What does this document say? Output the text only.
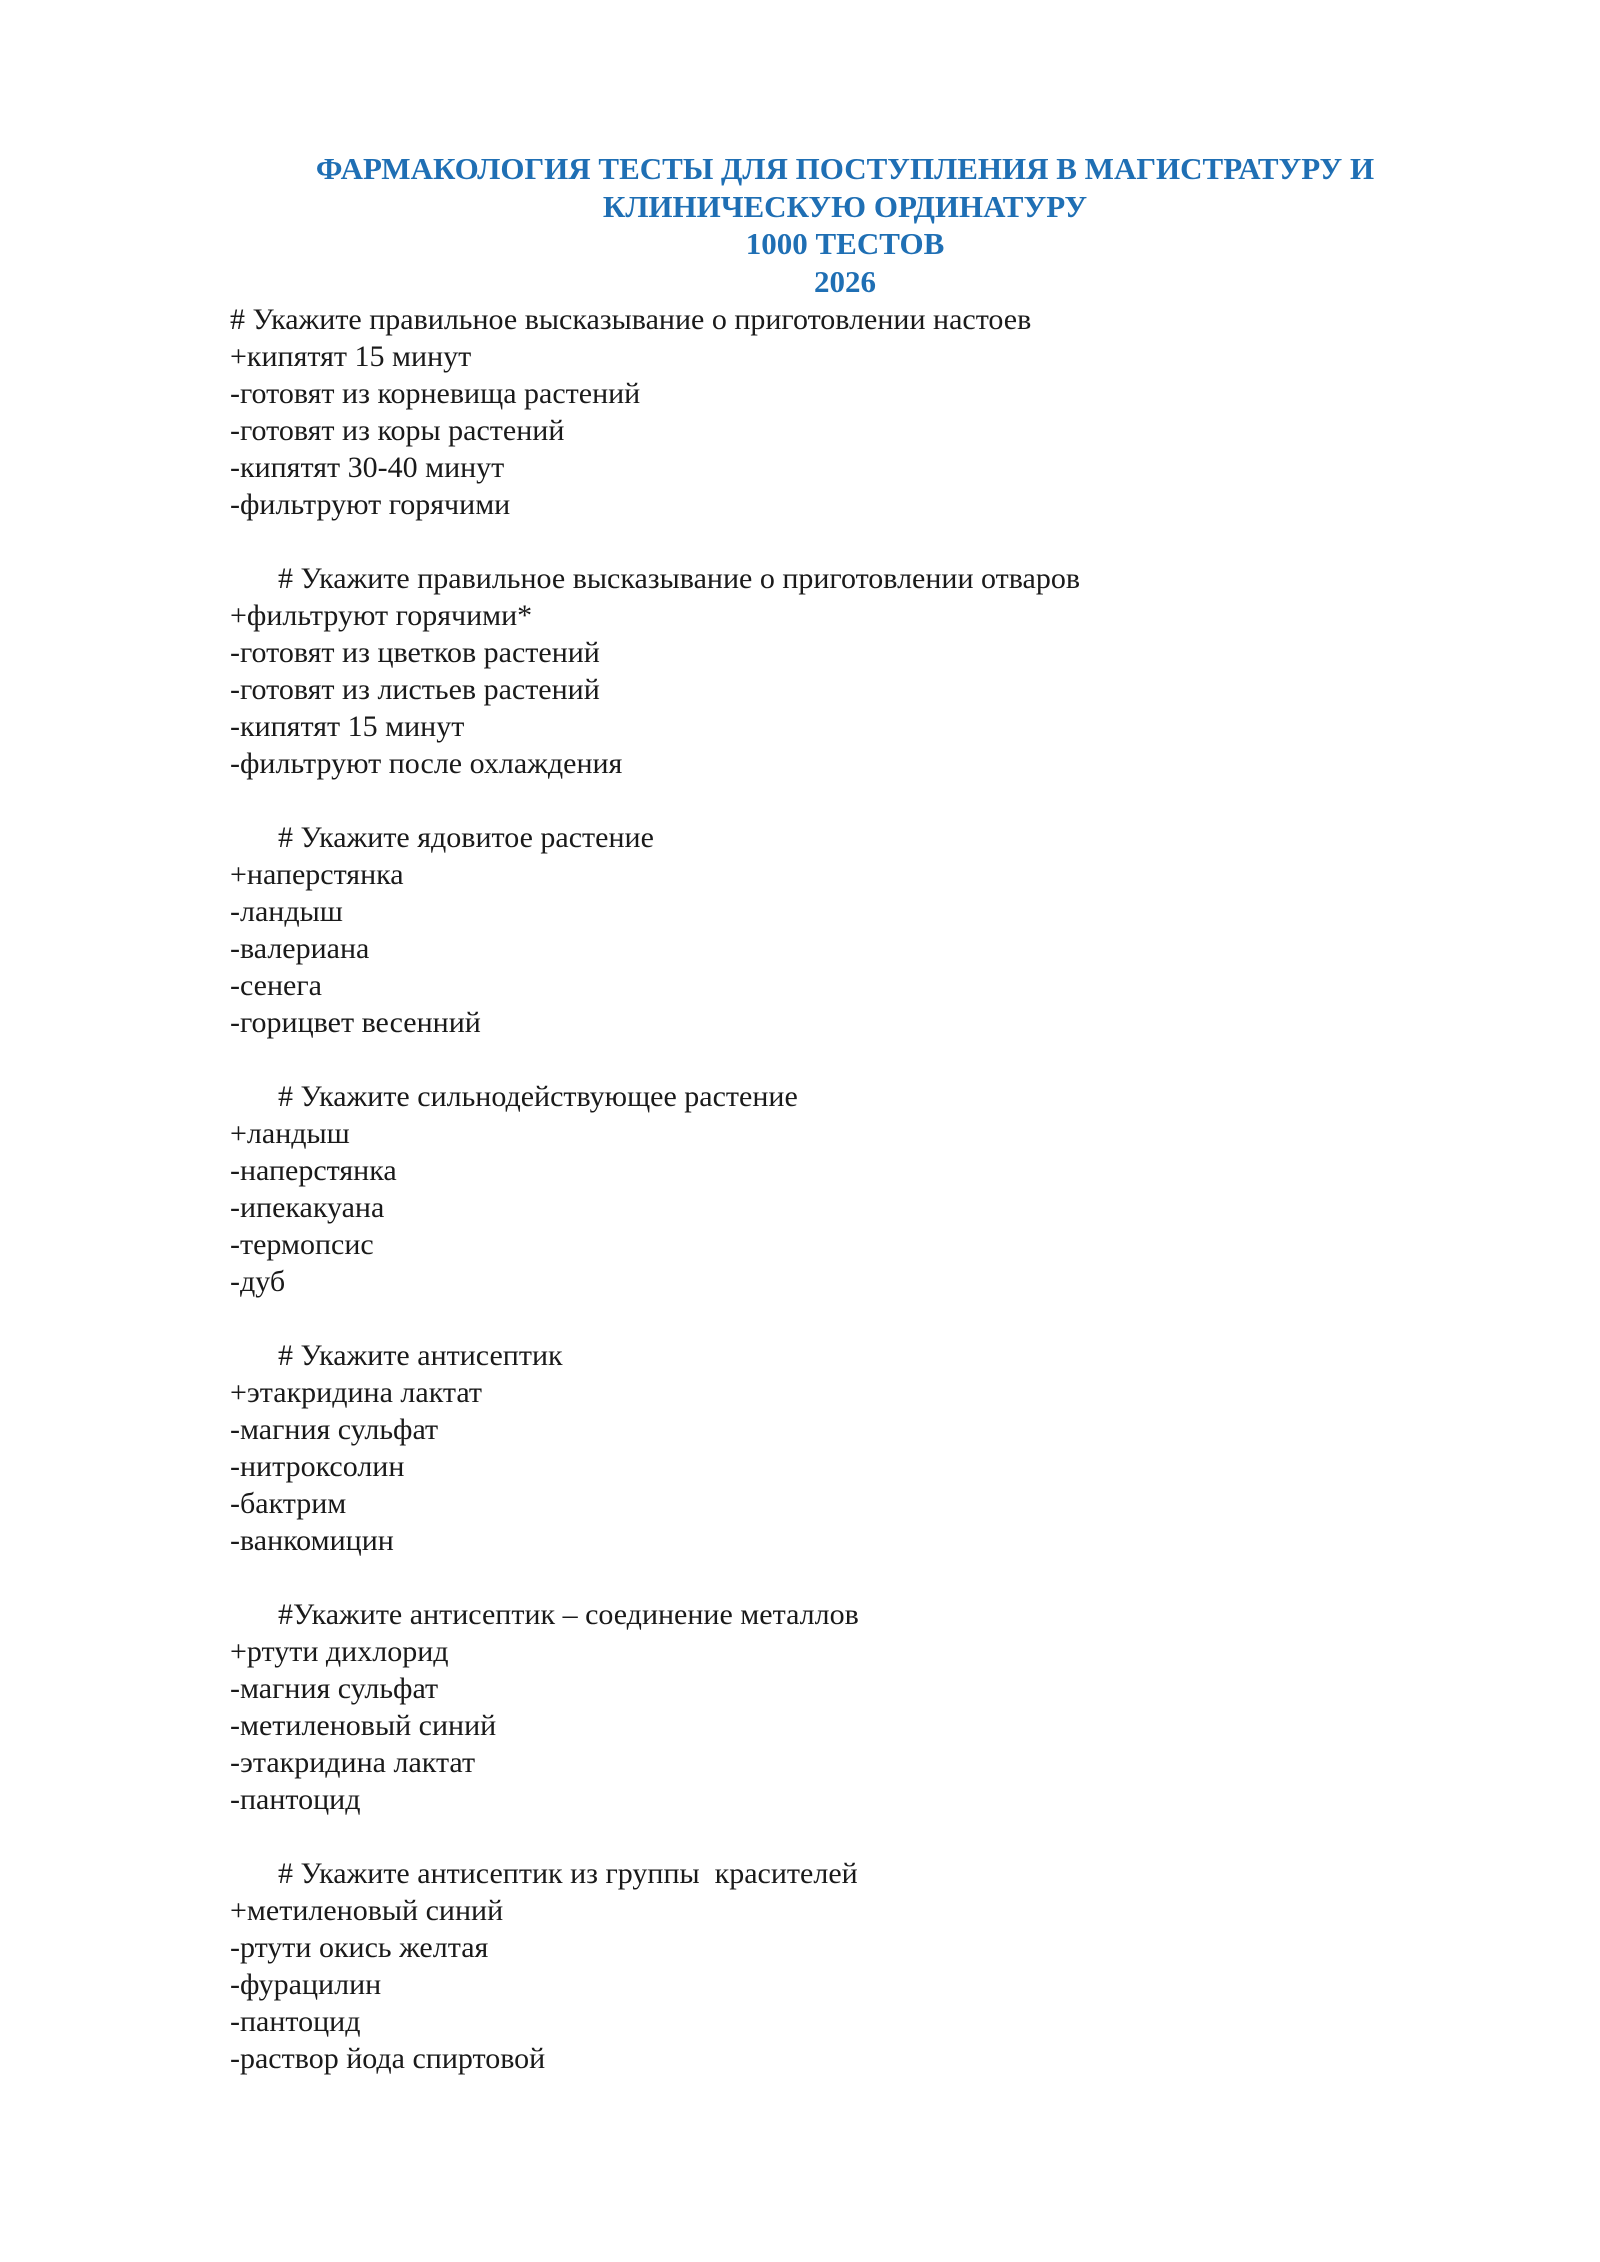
ФАРМАКОЛОГИЯ ТЕСТЫ ДЛЯ ПОСТУПЛЕНИЯ В МАГИСТРАТУРУ И
КЛИНИЧЕСКУЮ ОРДИНАТУРУ
1000 ТЕСТОВ
2026
# Укажите правильное высказывание о приготовлении настоев
+кипятят 15 минут
-готовят из корневища растений
-готовят из коры растений
-кипятят 30-40 минут
-фильтруют горячими
# Укажите правильное высказывание о приготовлении отваров
+фильтруют горячими*
-готовят из цветков растений
-готовят из листьев растений
-кипятят 15 минут
-фильтруют после охлаждения
# Укажите ядовитое растение
+наперстянка
-ландыш
-валериана
-сенега
-горицвет весенний
# Укажите сильнодействующее растение
+ландыш
-наперстянка
-ипекакуана
-термопсис
-дуб
# Укажите антисептик
+этакридина лактат
-магния сульфат
-нитроксолин
-бактрим
-ванкомицин
#Укажите антисептик – соединение металлов
+ртути дихлорид
-магния сульфат
-метиленовый синий
-этакридина лактат
-пантоцид
# Укажите антисептик из группы  красителей
+метиленовый синий
-ртути окись желтая
-фурацилин
-пантоцид
-раствор йода спиртовой
